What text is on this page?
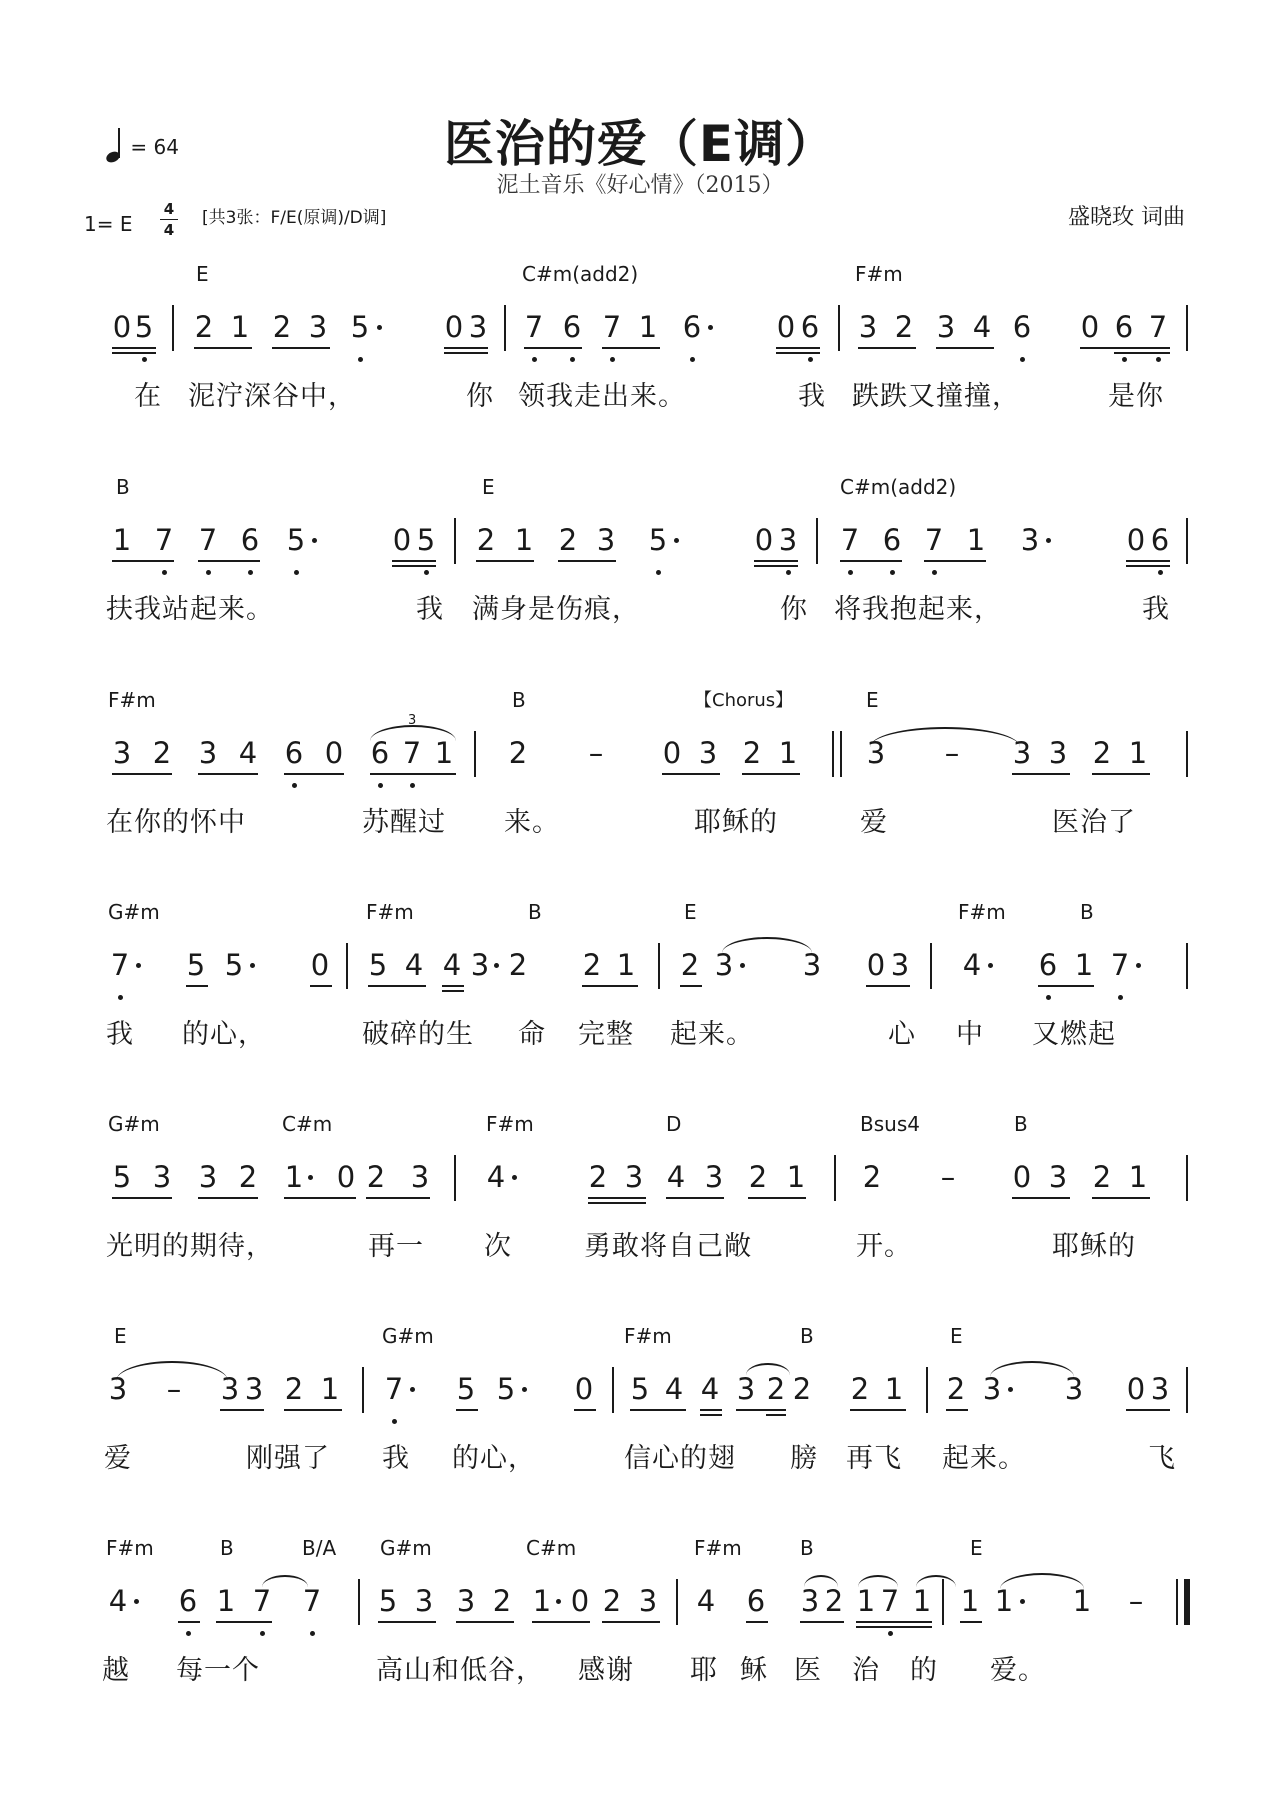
医治的爱（E调）
泥土音乐《好心情》（2015）
= 64
1= E
4
4
[共3张：F/E(原调)/D调]	盛晓玫 词曲
E	C#m(add2)	F#m
0 5 2 1 2 3 5	0 3 7 6 7 1 6	0 6 3 2 3 4 6 0 6 7
在 泥泞深谷中，	你 领我走出来。	我 跌跌又撞撞，	是你
B	E	C#m(add2)
1 7 7 6 5	0 5 2 1 2 3 5	0 3 7 6 7 1 3	0 6
扶我站起来。	我 满身是伤痕，	你 将我抱起来，	我
F#m	B	【Chorus】	E
3 2 3 4 6 0
3
6 7 1 2 – 0 3 2 1 3 – 3 3 2 1
在你的怀中	苏醒过 来。	耶稣的	爱	医治了
G#m	F#m	B	E	F#m	B
7 5 5 0 5 4 4 3 2 2 1 2 3 3 0 3 4 6 1 7
我 的心，	破碎的生 命 完整 起来。	心 中 又燃起
G#m	C#m	F#m	D	Bsus4	B
5 3 3 2 1 0 2 3 4	2 3 4 3 2 1 2 – 0 3 2 1
光明的期待，	再一 次	勇敢将自己敞	开。	耶稣的
E	G#m	F#m	B	E
3 – 3 3 2 1 7 5 5 0 5 4 4 3 2 2 2 1 2 3 3 0 3
爱	刚强了 我 的心，	信心的翅 膀 再飞 起来。	飞
F#m	B	B/A G#m	C#m	F#m	B	E
4 6 1 7 7 5 3 3 2 1 0 2 3 4 6 3 2 1 7 1 1 1 1 –
越 每一个	高山和低谷， 感谢 耶 稣 医 治 的 爱。
